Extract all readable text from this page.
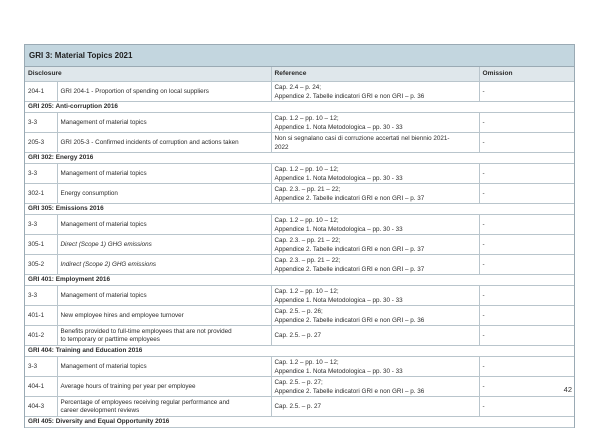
GRI 3: Material Topics 2021
Disclosure		Reference	Omission
204-1	GRI 204-1 - Proportion of spending on local suppliers	Cap. 2.4 – p. 24;
Appendice 2. Tabelle indicatori GRI e non GRI – p. 36	-
GRI 205: Anti-corruption 2016			
3-3	Management of material topics	Cap. 1.2 – pp. 10 – 12;
Appendice 1. Nota Metodologica – pp. 30 - 33	-
205-3	GRI 205-3 - Confirmed incidents of corruption and actions taken	Non si segnalano casi di corruzione accertati nel biennio 2021-
2022	-
GRI 302: Energy 2016			
3-3	Management of material topics	Cap. 1.2 – pp. 10 – 12;
Appendice 1. Nota Metodologica – pp. 30 - 33	-
302-1	Energy consumption	Cap. 2.3. – pp. 21 – 22;
Appendice 2. Tabelle indicatori GRI e non GRI – p. 37	-
GRI 305: Emissions 2016			
3-3	Management of material topics	Cap. 1.2 – pp. 10 – 12;
Appendice 1. Nota Metodologica – pp. 30 - 33	-
305-1	Direct (Scope 1) GHG emissions	Cap. 2.3. – pp. 21 – 22;
Appendice 2. Tabelle indicatori GRI e non GRI – p. 37	-
305-2	Indirect (Scope 2) GHG emissions	Cap. 2.3. – pp. 21 – 22;
Appendice 2. Tabelle indicatori GRI e non GRI – p. 37	-
GRI 401: Employment 2016			
3-3	Management of material topics	Cap. 1.2 – pp. 10 – 12;
Appendice 1. Nota Metodologica – pp. 30 - 33	-
401-1	New employee hires and employee turnover	Cap. 2.5. – p. 26;
Appendice 2. Tabelle indicatori GRI e non GRI – p. 36	-
401-2	Benefits provided to full-time employees that are not provided
to temporary or parttime employees	Cap. 2.5. – p. 27	-
GRI 404: Training and Education 2016			
3-3	Management of material topics	Cap. 1.2 – pp. 10 – 12;
Appendice 1. Nota Metodologica – pp. 30 - 33	-
404-1	Average hours of training per year per employee	Cap. 2.5. – p. 27;
Appendice 2. Tabelle indicatori GRI e non GRI – p. 36	-
404-3	Percentage of employees receiving regular performance and
career development reviews	Cap. 2.5. – p. 27	-
GRI 405: Diversity and Equal Opportunity 2016			
42
